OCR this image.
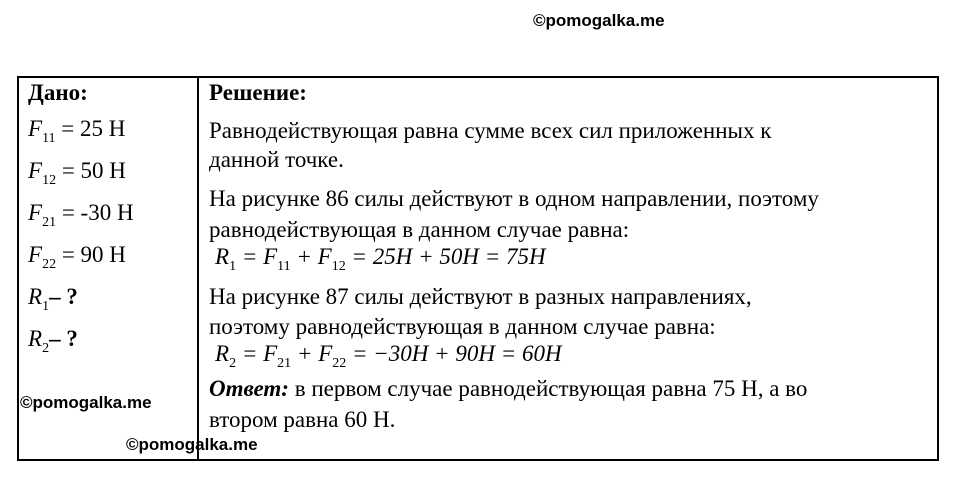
©pomogalka.me
Дано:
$F_{11} = 25$ Н
$F_{12} = 50$ Н
$F_{21} = -30$ Н
$F_{22} = 90$ Н
$R_1-$ ?
$R_2-$ ?
©pomogalka.me
Решение:
Равнодействующая равна сумме всех сил приложенных к
данной точке.
На рисунке 86 силы действуют в одном направлении, поэтому
равнодействующая в данном случае равна:
$R_1 = F_{11} + F_{12} = 25H + 50H = 75H$
На рисунке 87 силы действуют в разных направлениях,
поэтому равнодействующая в данном случае равна:
$R_2 = F_{21} + F_{22} = -30H + 90H = 60H$
Ответ: в первом случае равнодействующая равна 75 Н, а во
втором равна 60 Н.
©pomogalka.me
